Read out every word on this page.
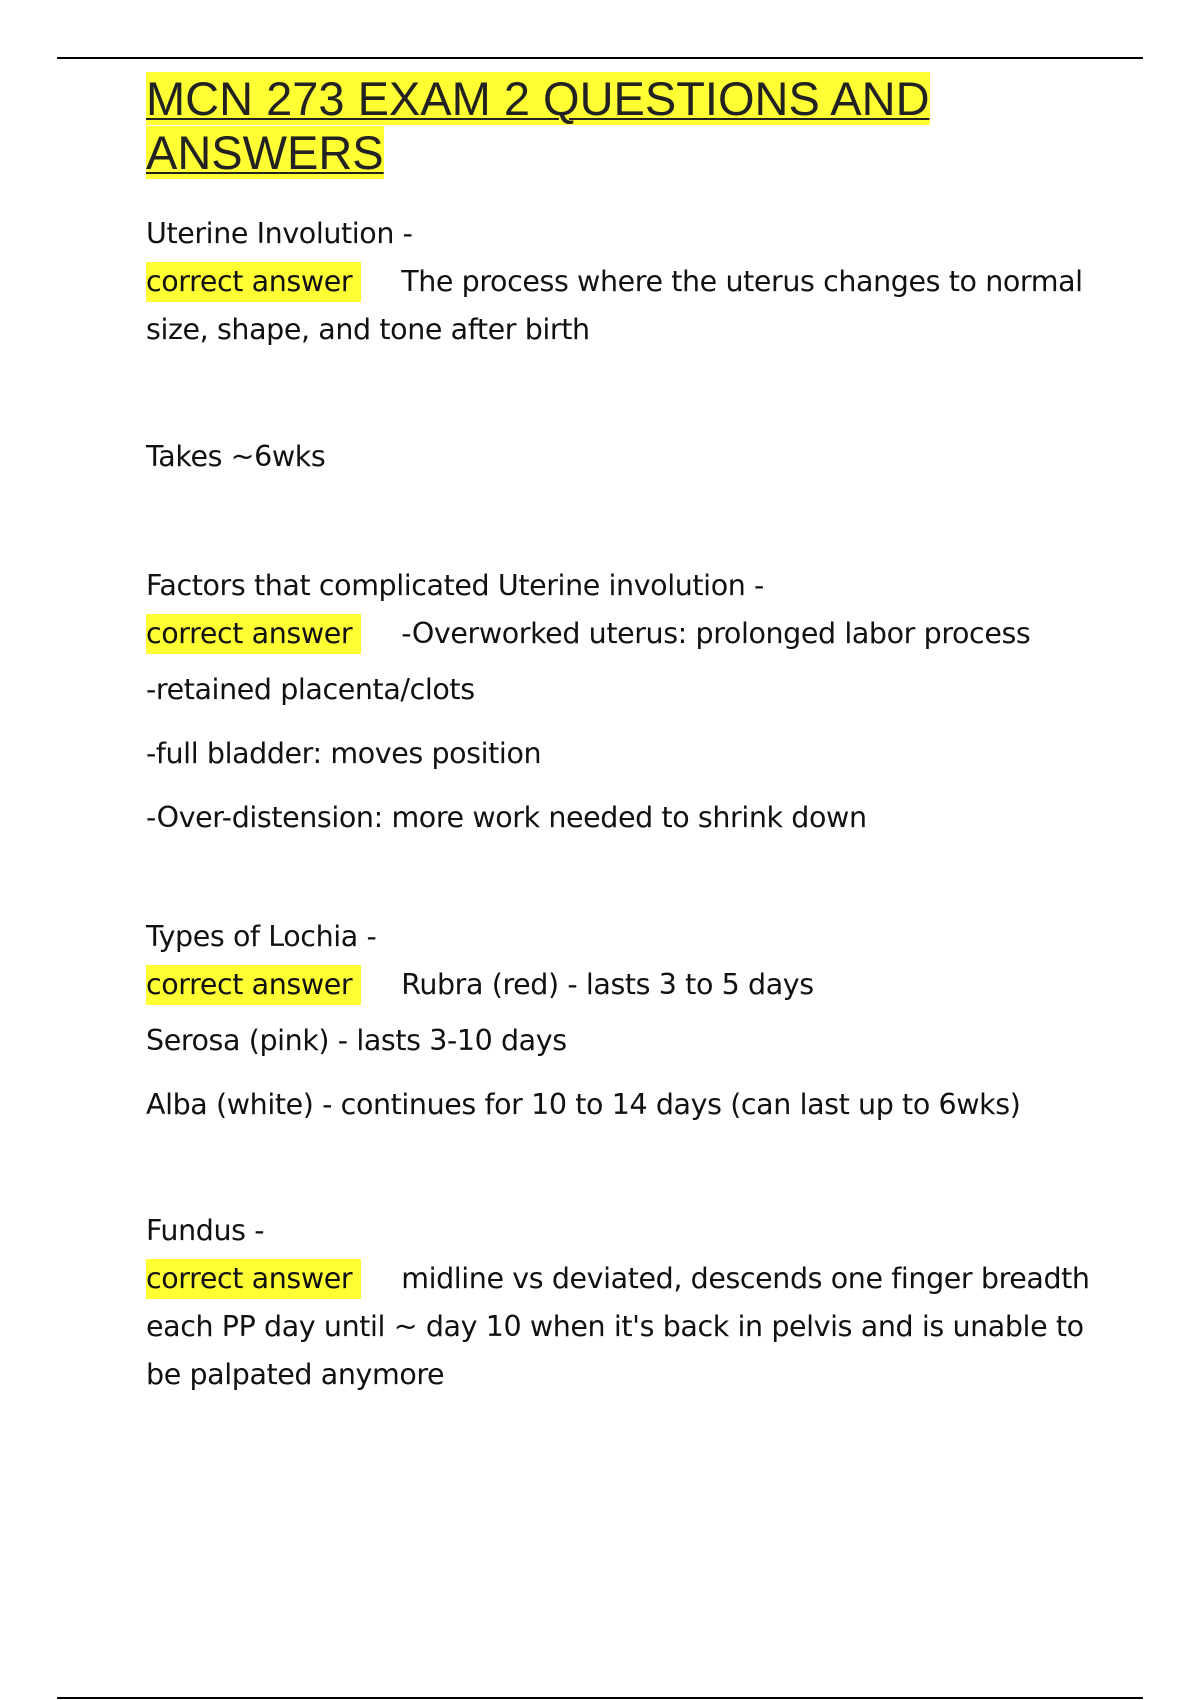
MCN 273 EXAM 2 QUESTIONS AND ANSWERS

Uterine Involution -

correct answer The process where the uterus changes to normal size, shape, and tone after birth

Takes ~6wks

Factors that complicated Uterine involution -

correct answer -Overworked uterus: prolonged labor process

-retained placenta/clots

-full bladder: moves position

-Over-distension: more work needed to shrink down

Types of Lochia -

correct answer Rubra (red) - lasts 3 to 5 days

Serosa (pink) - lasts 3-10 days

Alba (white) - continues for 10 to 14 days (can last up to 6wks)

Fundus -

correct answer midline vs deviated, descends one finger breadth each PP day until ~ day 10 when it's back in pelvis and is unable to be palpated anymore
